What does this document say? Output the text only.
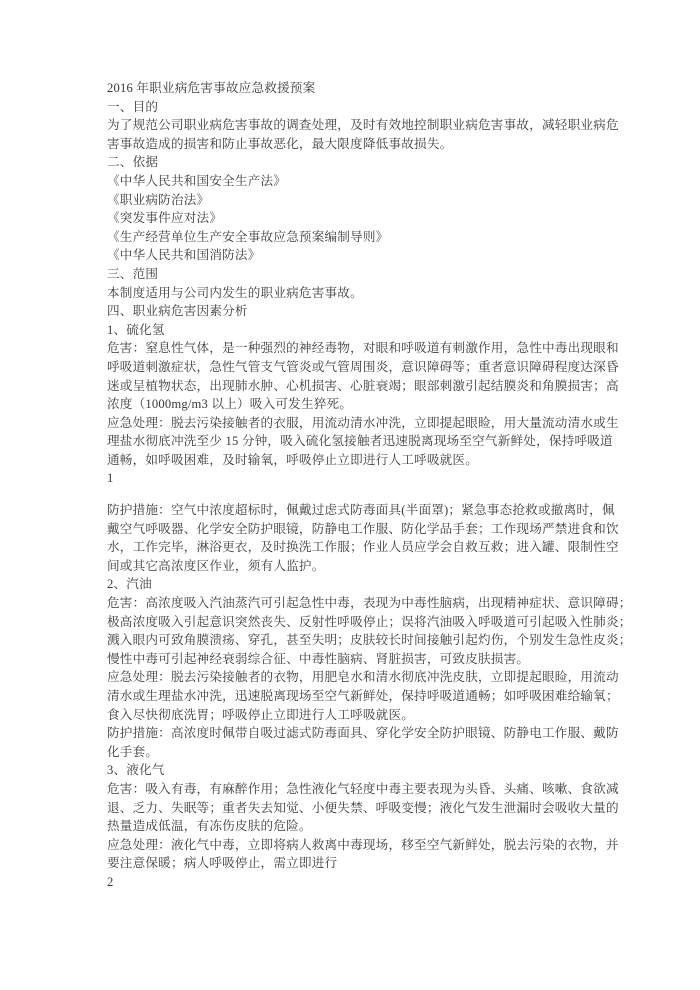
2016 年职业病危害事故应急救援预案
一、目的
为了规范公司职业病危害事故的调查处理，及时有效地控制职业病危害事故，减轻职业病危
害事故造成的损害和防止事故恶化，最大限度降低事故损失。
二、依据
《中华人民共和国安全生产法》
《职业病防治法》
《突发事件应对法》
《生产经营单位生产安全事故应急预案编制导则》
《中华人民共和国消防法》
三、范围
本制度适用与公司内发生的职业病危害事故。
四、职业病危害因素分析
1、硫化氢
危害：窒息性气体，是一种强烈的神经毒物，对眼和呼吸道有刺激作用，急性中毒出现眼和
呼吸道刺激症状，急性气管支气管炎或气管周围炎，意识障碍等；重者意识障碍程度达深昏
迷或呈植物状态，出现肺水肿、心机损害、心脏衰竭；眼部刺激引起结膜炎和角膜损害；高
浓度（1000mg/m3 以上）吸入可发生猝死。
应急处理：脱去污染接触者的衣服，用流动清水冲洗，立即提起眼睑，用大量流动清水或生
理盐水彻底冲洗至少 15 分钟，吸入硫化氢接触者迅速脱离现场至空气新鲜处，保持呼吸道
通畅，如呼吸困难，及时输氧，呼吸停止立即进行人工呼吸就医。
1
防护措施：空气中浓度超标时，佩戴过虑式防毒面具(半面罩)；紧急事态抢救或撤离时，佩
戴空气呼吸器、化学安全防护眼镜，防静电工作服、防化学品手套；工作现场严禁进食和饮
水，工作完毕，淋浴更衣，及时换洗工作服；作业人员应学会自救互救；进入罐、限制性空
间或其它高浓度区作业，须有人监护。
2、汽油
危害：高浓度吸入汽油蒸汽可引起急性中毒，表现为中毒性脑病，出现精神症状、意识障碍；
极高浓度吸入引起意识突然丧失、反射性呼吸停止；误将汽油吸入呼吸道可引起吸入性肺炎；
溅入眼内可致角膜溃疡、穿孔，甚至失明；皮肤较长时间接触引起灼伤，个别发生急性皮炎；
慢性中毒可引起神经衰弱综合征、中毒性脑病、肾脏损害，可致皮肤损害。
应急处理：脱去污染接触者的衣物，用肥皂水和清水彻底冲洗皮肤，立即提起眼睑，用流动
清水或生理盐水冲洗，迅速脱离现场至空气新鲜处，保持呼吸道通畅；如呼吸困难给输氧；
食入尽快彻底洗胃；呼吸停止立即进行人工呼吸就医。
防护措施：高浓度时佩带自吸过滤式防毒面具、穿化学安全防护眼镜、防静电工作服、戴防
化手套。
3、液化气
危害：吸入有毒，有麻醉作用；急性液化气轻度中毒主要表现为头昏、头痛、咳嗽、食欲减
退、乏力、失眠等；重者失去知觉、小便失禁、呼吸变慢；液化气发生泄漏时会吸收大量的
热量造成低温，有冻伤皮肤的危险。
应急处理：液化气中毒，立即将病人救离中毒现场，移至空气新鲜处，脱去污染的衣物，并
要注意保暖；病人呼吸停止，需立即进行
2
